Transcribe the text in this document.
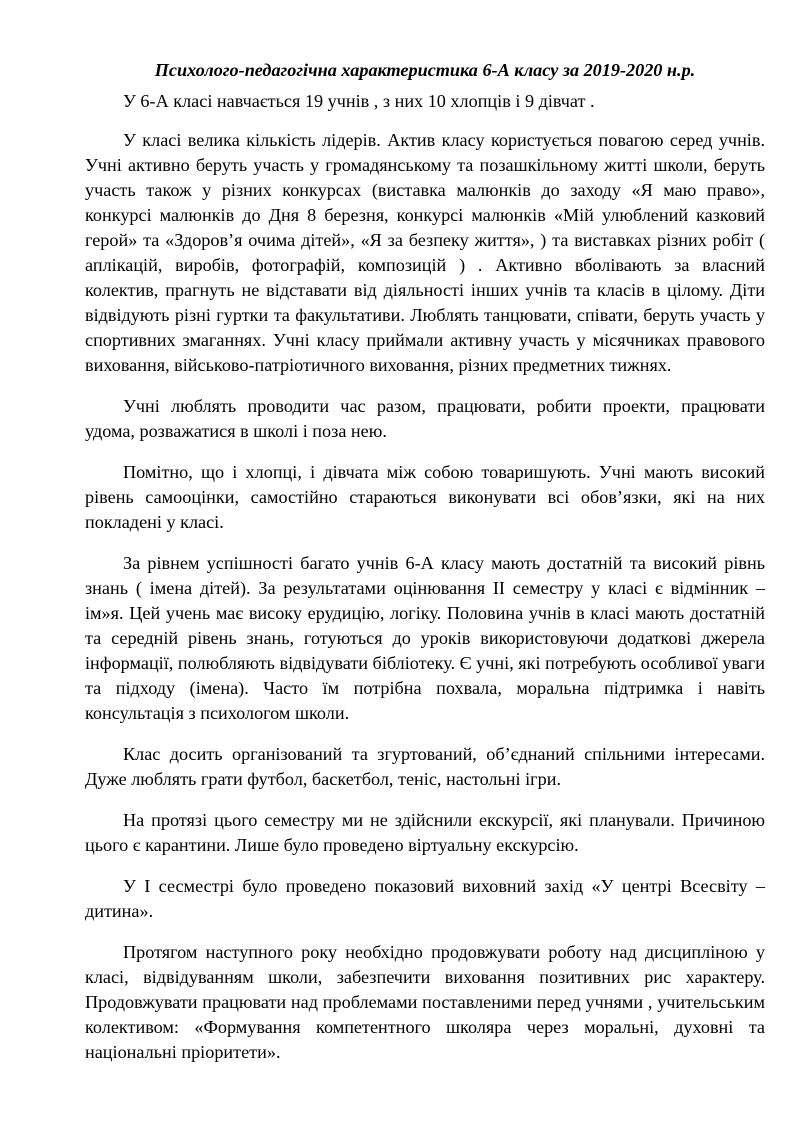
Психолого-педагогічна характеристика 6-А класу за 2019-2020 н.р.

У 6-А класі навчається 19 учнів , з них 10 хлопців і 9 дівчат .

У класі велика кількість лідерів. Актив класу користується повагою серед учнів. Учні активно беруть участь у громадянському та позашкільному житті школи, беруть участь також у різних конкурсах (виставка малюнків до заходу «Я маю право», конкурсі малюнків до Дня 8 березня, конкурсі малюнків «Мій улюблений казковий герой» та «Здоров’я очима дітей», «Я за безпеку життя», ) та виставках різних робіт ( аплікацій, виробів, фотографій, композицій ) . Активно вболівають за власний колектив, прагнуть не відставати від діяльності інших учнів та класів в цілому. Діти відвідують різні гуртки та факультативи. Люблять танцювати, співати, беруть участь у спортивних змаганнях. Учні класу приймали активну участь у місячниках правового виховання, військово-патріотичного виховання, різних предметних тижнях.

Учні люблять проводити час разом, працювати, робити проекти, працювати удома, розважатися в школі і поза нею.

Помітно, що і хлопці, і дівчата між собою товаришують. Учні мають високий рівень самооцінки, самостійно стараються виконувати всі обов’язки, які на них покладені у класі.

За рівнем успішності багато учнів 6-А класу мають достатній та високий рівнь знань ( імена дітей). За результатами оцінювання ІІ семестру у класі є відмінник – ім»я. Цей учень має високу ерудицію, логіку. Половина учнів в класі мають достатній та середній рівень знань, готуються до уроків використовуючи додаткові джерела інформації, полюбляють відвідувати бібліотеку. Є учні, які потребують особливої уваги та підходу (імена). Часто їм потрібна похвала, моральна підтримка і навіть консультація з психологом школи.

Клас досить організований та згуртований, об’єднаний спільними інтересами. Дуже люблять грати футбол, баскетбол, теніс, настольні ігри.

На протязі цього семестру ми не здійснили екскурсії, які планували. Причиною цього є карантини. Лише було проведено віртуальну екскурсію.

У І сесместрі було проведено показовий виховний захід «У центрі Всесвіту –дитина».

Протягом наступного року необхідно продовжувати роботу над дисципліною у класі, відвідуванням школи, забезпечити виховання позитивних рис характеру. Продовжувати працювати над проблемами поставленими перед учнями , учительським колективом: «Формування компетентного школяра через моральні, духовні та національні пріоритети».
